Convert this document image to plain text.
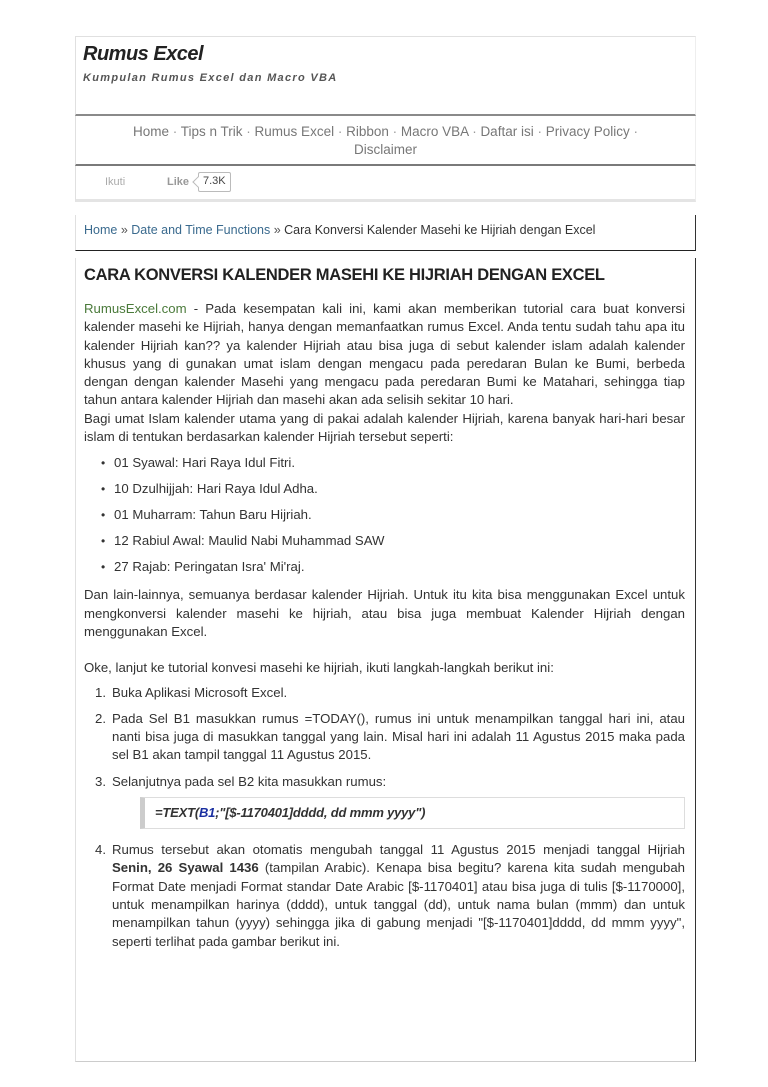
Rumus Excel
Kumpulan Rumus Excel dan Macro VBA
Home · Tips n Trik · Rumus Excel · Ribbon · Macro VBA · Daftar isi · Privacy Policy · Disclaimer
Ikuti	Like	7.3K
Home » Date and Time Functions » Cara Konversi Kalender Masehi ke Hijriah dengan Excel
CARA KONVERSI KALENDER MASEHI KE HIJRIAH DENGAN EXCEL

RumusExcel.com - Pada kesempatan kali ini, kami akan memberikan tutorial cara buat konversi kalender masehi ke Hijriah, hanya dengan memanfaatkan rumus Excel. Anda tentu sudah tahu apa itu kalender Hijriah kan?? ya kalender Hijriah atau bisa juga di sebut kalender islam adalah kalender khusus yang di gunakan umat islam dengan mengacu pada peredaran Bulan ke Bumi, berbeda dengan dengan kalender Masehi yang mengacu pada peredaran Bumi ke Matahari, sehingga tiap tahun antara kalender Hijriah dan masehi akan ada selisih sekitar 10 hari.

Bagi umat Islam kalender utama yang di pakai adalah kalender Hijriah, karena banyak hari-hari besar islam di tentukan berdasarkan kalender Hijriah tersebut seperti:

• 01 Syawal: Hari Raya Idul Fitri.
• 10 Dzulhijjah: Hari Raya Idul Adha.
• 01 Muharram: Tahun Baru Hijriah.
• 12 Rabiul Awal: Maulid Nabi Muhammad SAW
• 27 Rajab: Peringatan Isra' Mi'raj.

Dan lain-lainnya, semuanya berdasar kalender Hijriah. Untuk itu kita bisa menggunakan Excel untuk mengkonversi kalender masehi ke hijriah, atau bisa juga membuat Kalender Hijriah dengan menggunakan Excel.

Oke, lanjut ke tutorial konvesi masehi ke hijriah, ikuti langkah-langkah berikut ini:

1. Buka Aplikasi Microsoft Excel.
2. Pada Sel B1 masukkan rumus =TODAY(), rumus ini untuk menampilkan tanggal hari ini, atau nanti bisa juga di masukkan tanggal yang lain. Misal hari ini adalah 11 Agustus 2015 maka pada sel B1 akan tampil tanggal 11 Agustus 2015.
3. Selanjutnya pada sel B2 kita masukkan rumus:
=TEXT(B1;"[$-1170401]dddd, dd mmm yyyy")
4. Rumus tersebut akan otomatis mengubah tanggal 11 Agustus 2015 menjadi tanggal Hijriah Senin, 26 Syawal 1436 (tampilan Arabic). Kenapa bisa begitu? karena kita sudah mengubah Format Date menjadi Format standar Date Arabic [$-1170401] atau bisa juga di tulis [$-1170000], untuk menampilkan harinya (dddd), untuk tanggal (dd), untuk nama bulan (mmm) dan untuk menampilkan tahun (yyyy) sehingga jika di gabung menjadi "[$-1170401]dddd, dd mmm yyyy", seperti terlihat pada gambar berikut ini.
